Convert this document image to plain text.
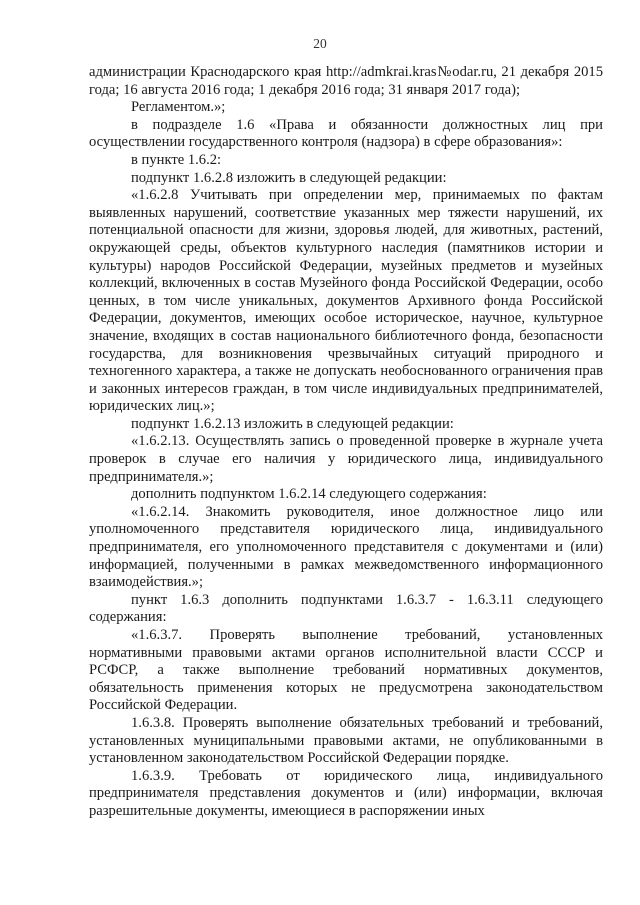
20

администрации Краснодарского края http://admkrai.kras№odar.ru, 21 декабря 2015 года; 16 августа 2016 года; 1 декабря 2016 года; 31 января 2017 года);

Регламентом.»;

в подразделе 1.6 «Права и обязанности должностных лиц при осуществлении государственного контроля (надзора) в сфере образования»:

в пункте 1.6.2:

подпункт 1.6.2.8 изложить в следующей редакции:

«1.6.2.8 Учитывать при определении мер, принимаемых по фактам выявленных нарушений, соответствие указанных мер тяжести нарушений, их потенциальной опасности для жизни, здоровья людей, для животных, растений, окружающей среды, объектов культурного наследия (памятников истории и культуры) народов Российской Федерации, музейных предметов и музейных коллекций, включенных в состав Музейного фонда Российской Федерации, особо ценных, в том числе уникальных, документов Архивного фонда Российской Федерации, документов, имеющих особое историческое, научное, культурное значение, входящих в состав национального библиотечного фонда, безопасности государства, для возникновения чрезвычайных ситуаций природного и техногенного характера, а также не допускать необоснованного ограничения прав и законных интересов граждан, в том числе индивидуальных предпринимателей, юридических лиц.»;

подпункт 1.6.2.13 изложить в следующей редакции:

«1.6.2.13. Осуществлять запись о проведенной проверке в журнале учета проверок в случае его наличия у юридического лица, индивидуального предпринимателя.»;

дополнить подпунктом 1.6.2.14 следующего содержания:

«1.6.2.14. Знакомить руководителя, иное должностное лицо или уполномоченного представителя юридического лица, индивидуального предпринимателя, его уполномоченного представителя с документами и (или) информацией, полученными в рамках межведомственного информационного взаимодействия.»;

пункт 1.6.3 дополнить подпунктами 1.6.3.7 - 1.6.3.11 следующего содержания:

«1.6.3.7. Проверять выполнение требований, установленных нормативными правовыми актами органов исполнительной власти СССР и РСФСР, а также выполнение требований нормативных документов, обязательность применения которых не предусмотрена законодательством Российской Федерации.

1.6.3.8. Проверять выполнение обязательных требований и требований, установленных муниципальными правовыми актами, не опубликованными в установленном законодательством Российской Федерации порядке.

1.6.3.9. Требовать от юридического лица, индивидуального предпринимателя представления документов и (или) информации, включая разрешительные документы, имеющиеся в распоряжении иных
